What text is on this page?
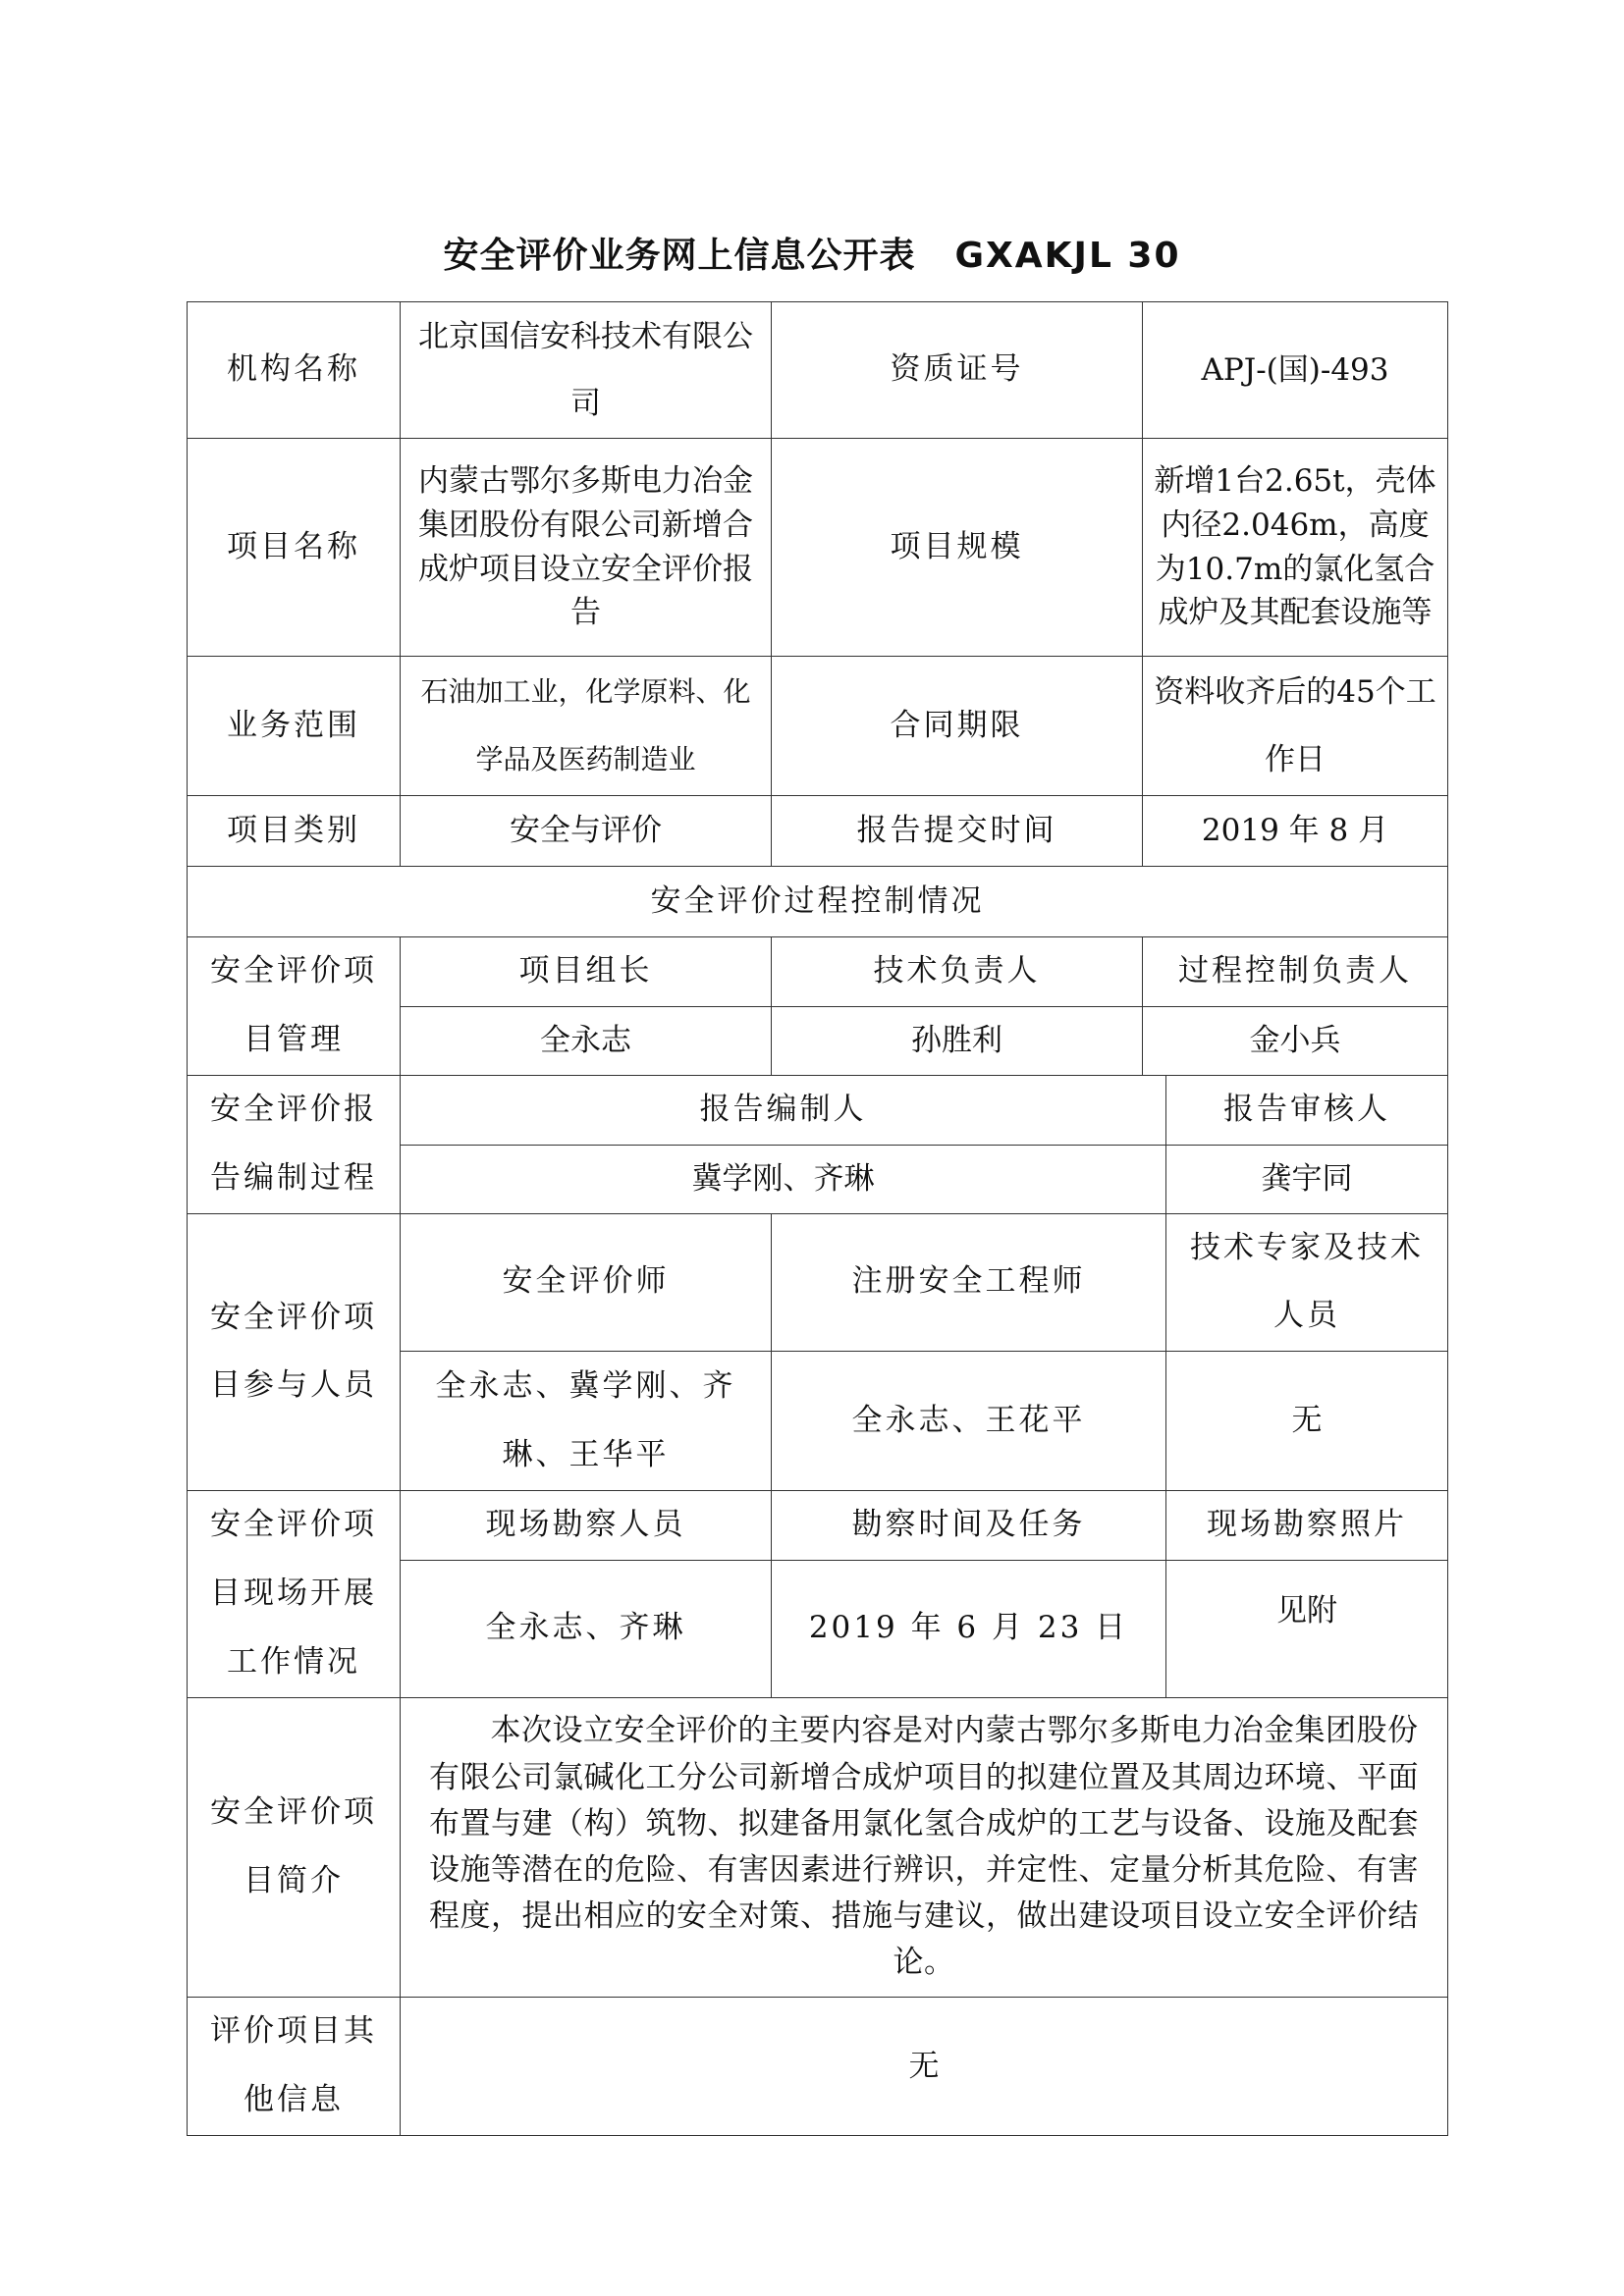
安全评价业务网上信息公开表 GXAKJL 30
机构名称	北京国信安科技术有限公司	资质证号	APJ-(国)-493	
项目名称	内蒙古鄂尔多斯电力冶金集团股份有限公司新增合成炉项目设立安全评价报告	项目规模	新增1台2.65t，壳体内径2.046m，高度为10.7m的氯化氢合成炉及其配套设施等	
业务范围	石油加工业，化学原料、化学品及医药制造业	合同期限	资料收齐后的45个工作日	
项目类别	安全与评价	报告提交时间	2019 年 8 月	
安全评价过程控制情况				
安全评价项目管理	项目组长	技术负责人	过程控制负责人	
	全永志	孙胜利	金小兵	
安全评价报告编制过程	报告编制人			报告审核人
	冀学刚、齐琳			龚宇同
安全评价项目参与人员	安全评价师	注册安全工程师		技术专家及技术人员
	全永志、冀学刚、齐琳、王华平	全永志、王花平		无
安全评价项目现场开展工作情况	现场勘察人员	勘察时间及任务		现场勘察照片
	全永志、齐琳	2019 年 6 月 23 日		见附
安全评价项目简介	本次设立安全评价的主要内容是对内蒙古鄂尔多斯电力冶金集团股份有限公司氯碱化工分公司新增合成炉项目的拟建位置及其周边环境、平面布置与建（构）筑物、拟建备用氯化氢合成炉的工艺与设备、设施及配套设施等潜在的危险、有害因素进行辨识，并定性、定量分析其危险、有害程度，提出相应的安全对策、措施与建议，做出建设项目设立安全评价结论。			
评价项目其他信息	无			
